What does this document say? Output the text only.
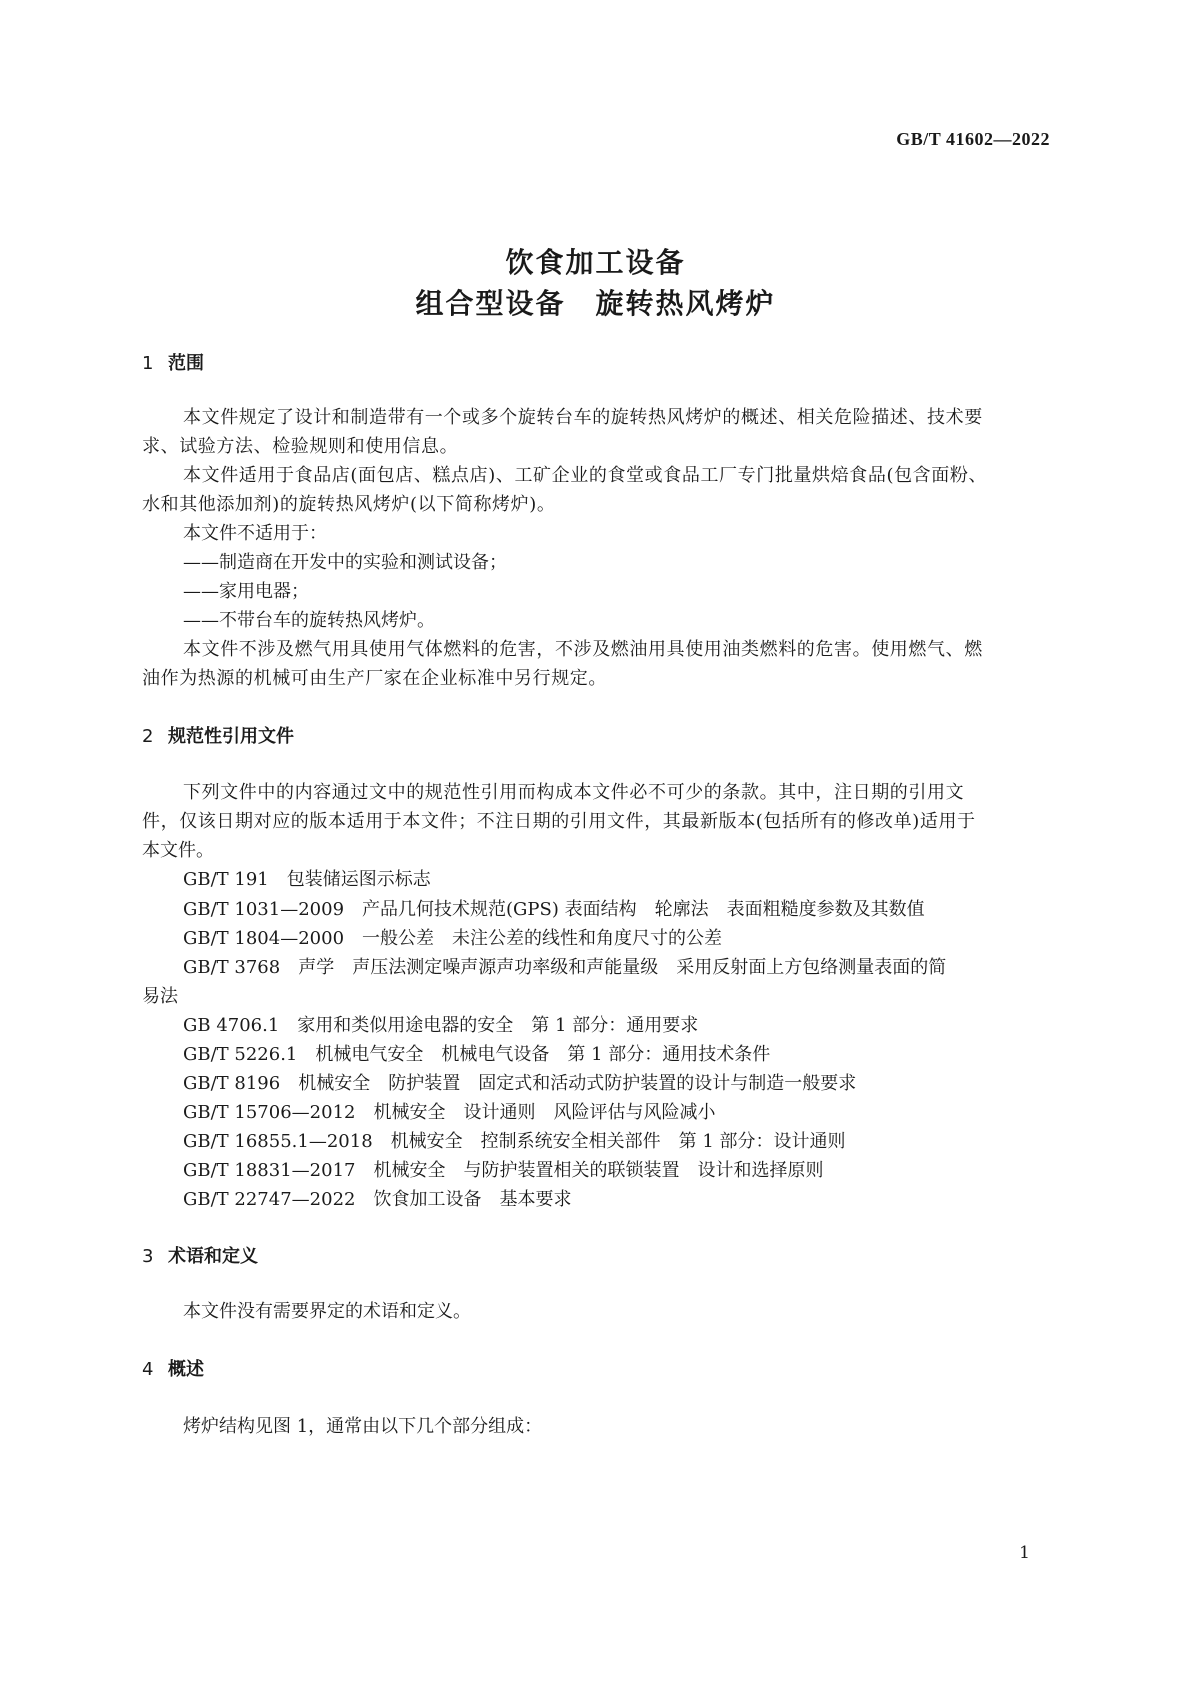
GB/T 41602—2022
饮食加工设备
组合型设备　旋转热风烤炉
1 范围
本文件规定了设计和制造带有一个或多个旋转台车的旋转热风烤炉的概述、相关危险描述、技术要
求、试验方法、检验规则和使用信息。
本文件适用于食品店(面包店、糕点店)、工矿企业的食堂或食品工厂专门批量烘焙食品(包含面粉、
水和其他添加剂)的旋转热风烤炉(以下简称烤炉)。
本文件不适用于：
——制造商在开发中的实验和测试设备；
——家用电器；
——不带台车的旋转热风烤炉。
本文件不涉及燃气用具使用气体燃料的危害，不涉及燃油用具使用油类燃料的危害。使用燃气、燃
油作为热源的机械可由生产厂家在企业标准中另行规定。
2 规范性引用文件
下列文件中的内容通过文中的规范性引用而构成本文件必不可少的条款。其中，注日期的引用文
件，仅该日期对应的版本适用于本文件；不注日期的引用文件，其最新版本(包括所有的修改单)适用于
本文件。
GB/T 191　包装储运图示标志
GB/T 1031—2009　产品几何技术规范(GPS) 表面结构　轮廓法　表面粗糙度参数及其数值
GB/T 1804—2000　一般公差　未注公差的线性和角度尺寸的公差
GB/T 3768　声学　声压法测定噪声源声功率级和声能量级　采用反射面上方包络测量表面的简
易法
GB 4706.1　家用和类似用途电器的安全　第 1 部分：通用要求
GB/T 5226.1　机械电气安全　机械电气设备　第 1 部分：通用技术条件
GB/T 8196　机械安全　防护装置　固定式和活动式防护装置的设计与制造一般要求
GB/T 15706—2012　机械安全　设计通则　风险评估与风险减小
GB/T 16855.1—2018　机械安全　控制系统安全相关部件　第 1 部分：设计通则
GB/T 18831—2017　机械安全　与防护装置相关的联锁装置　设计和选择原则
GB/T 22747—2022　饮食加工设备　基本要求
3 术语和定义
本文件没有需要界定的术语和定义。
4 概述
烤炉结构见图 1，通常由以下几个部分组成：
1
